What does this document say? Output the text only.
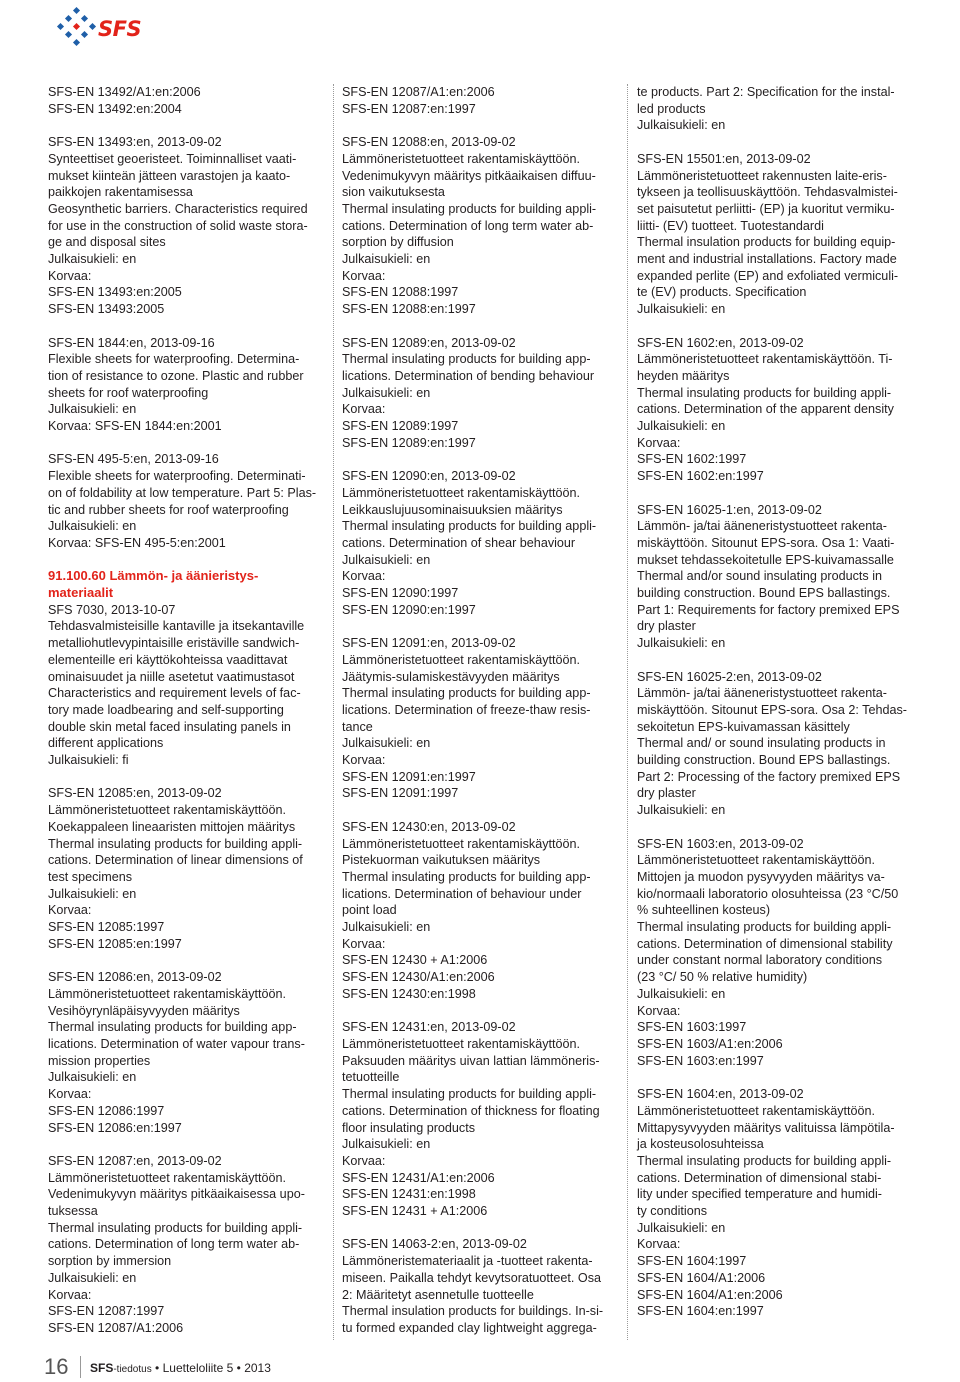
SFS
SFS-EN 13492/A1:en:2006
SFS-EN 13492:en:2004
SFS-EN 13493:en, 2013-09-02
Synteettiset geoeristeet. Toiminnalliset vaati-
mukset kiinteän jätteen varastojen ja kaato-
paikkojen rakentamisessa
Geosynthetic barriers. Characteristics required
for use in the construction of solid waste stora-
ge and disposal sites
Julkaisukieli: en
Korvaa:
SFS-EN 13493:en:2005
SFS-EN 13493:2005
SFS-EN 1844:en, 2013-09-16
Flexible sheets for waterproofing. Determina-
tion of resistance to ozone. Plastic and rubber
sheets for roof waterproofing
Julkaisukieli: en
Korvaa: SFS-EN 1844:en:2001
SFS-EN 495-5:en, 2013-09-16
Flexible sheets for waterproofing. Determinati-
on of foldability at low temperature. Part 5: Plas-
tic and rubber sheets for roof waterproofing
Julkaisukieli: en
Korvaa: SFS-EN 495-5:en:2001
91.100.60 Lämmön- ja äänieristys-
materiaalit
SFS 7030, 2013-10-07
Tehdasvalmisteisille kantaville ja itsekantaville
metalliohutlevypintaisille eristäville sandwich-
elementeille eri käyttökohteissa vaadittavat
ominaisuudet ja niille asetetut vaatimustasot
Characteristics and requirement levels of fac-
tory made loadbearing and self-supporting
double skin metal faced insulating panels in
different applications
Julkaisukieli: fi
SFS-EN 12085:en, 2013-09-02
Lämmöneristetuotteet rakentamiskäyttöön.
Koekappaleen lineaaristen mittojen määritys
Thermal insulating products for building appli-
cations. Determination of linear dimensions of
test specimens
Julkaisukieli: en
Korvaa:
SFS-EN 12085:1997
SFS-EN 12085:en:1997
SFS-EN 12086:en, 2013-09-02
Lämmöneristetuotteet rakentamiskäyttöön.
Vesihöyrynläpäisyvyyden määritys
Thermal insulating products for building app-
lications. Determination of water vapour trans-
mission properties
Julkaisukieli: en
Korvaa:
SFS-EN 12086:1997
SFS-EN 12086:en:1997
SFS-EN 12087:en, 2013-09-02
Lämmöneristetuotteet rakentamiskäyttöön.
Vedenimukyvyn määritys pitkäaikaisessa upo-
tuksessa
Thermal insulating products for building appli-
cations. Determination of long term water ab-
sorption by immersion
Julkaisukieli: en
Korvaa:
SFS-EN 12087:1997
SFS-EN 12087/A1:2006
SFS-EN 12087/A1:en:2006
SFS-EN 12087:en:1997
SFS-EN 12088:en, 2013-09-02
Lämmöneristetuotteet rakentamiskäyttöön.
Vedenimukyvyn määritys pitkäaikaisen diffuu-
sion vaikutuksesta
Thermal insulating products for building appli-
cations. Determination of long term water ab-
sorption by diffusion
Julkaisukieli: en
Korvaa:
SFS-EN 12088:1997
SFS-EN 12088:en:1997
SFS-EN 12089:en, 2013-09-02
Thermal insulating products for building app-
lications. Determination of bending behaviour
Julkaisukieli: en
Korvaa:
SFS-EN 12089:1997
SFS-EN 12089:en:1997
SFS-EN 12090:en, 2013-09-02
Lämmöneristetuotteet rakentamiskäyttöön.
Leikkauslujuusominaisuuksien määritys
Thermal insulating products for building appli-
cations. Determination of shear behaviour
Julkaisukieli: en
Korvaa:
SFS-EN 12090:1997
SFS-EN 12090:en:1997
SFS-EN 12091:en, 2013-09-02
Lämmöneristetuotteet rakentamiskäyttöön.
Jäätymis-sulamiskestävyyden määritys
Thermal insulating products for building app-
lications. Determination of freeze-thaw resis-
tance
Julkaisukieli: en
Korvaa:
SFS-EN 12091:en:1997
SFS-EN 12091:1997
SFS-EN 12430:en, 2013-09-02
Lämmöneristetuotteet rakentamiskäyttöön.
Pistekuorman vaikutuksen määritys
Thermal insulating products for building app-
lications. Determination of behaviour under
point load
Julkaisukieli: en
Korvaa:
SFS-EN 12430 + A1:2006
SFS-EN 12430/A1:en:2006
SFS-EN 12430:en:1998
SFS-EN 12431:en, 2013-09-02
Lämmöneristetuotteet rakentamiskäyttöön.
Paksuuden määritys uivan lattian lämmöneris-
tetuotteille
Thermal insulating products for building appli-
cations. Determination of thickness for floating
floor insulating products
Julkaisukieli: en
Korvaa:
SFS-EN 12431/A1:en:2006
SFS-EN 12431:en:1998
SFS-EN 12431 + A1:2006
SFS-EN 14063-2:en, 2013-09-02
Lämmöneristemateriaalit ja -tuotteet rakenta-
miseen. Paikalla tehdyt kevytsoratuotteet. Osa
2: Määritetyt asennetulle tuotteelle
Thermal insulation products for buildings. In-si-
tu formed expanded clay lightweight aggrega-
te products. Part 2: Specification for the instal-
led products
Julkaisukieli: en
SFS-EN 15501:en, 2013-09-02
Lämmöneristetuotteet rakennusten laite-eris-
tykseen ja teollisuuskäyttöön. Tehdasvalmistei-
set paisutetut perliitti- (EP) ja kuoritut vermiku-
liitti- (EV) tuotteet. Tuotestandardi
Thermal insulation products for building equip-
ment and industrial installations. Factory made
expanded perlite (EP) and exfoliated vermiculi-
te (EV) products. Specification
Julkaisukieli: en
SFS-EN 1602:en, 2013-09-02
Lämmöneristetuotteet rakentamiskäyttöön. Ti-
heyden määritys
Thermal insulating products for building appli-
cations. Determination of the apparent density
Julkaisukieli: en
Korvaa:
SFS-EN 1602:1997
SFS-EN 1602:en:1997
SFS-EN 16025-1:en, 2013-09-02
Lämmön- ja/tai ääneneristystuotteet rakenta-
miskäyttöön. Sitounut EPS-sora. Osa 1: Vaati-
mukset tehdassekoitetulle EPS-kuivamassalle
Thermal and/or sound insulating products in
building construction. Bound EPS ballastings.
Part 1: Requirements for factory premixed EPS
dry plaster
Julkaisukieli: en
SFS-EN 16025-2:en, 2013-09-02
Lämmön- ja/tai ääneneristystuotteet rakenta-
miskäyttöön. Sitounut EPS-sora. Osa 2: Tehdas-
sekoitetun EPS-kuivamassan käsittely
Thermal and/ or sound insulating products in
building construction. Bound EPS ballastings.
Part 2: Processing of the factory premixed EPS
dry plaster
Julkaisukieli: en
SFS-EN 1603:en, 2013-09-02
Lämmöneristetuotteet rakentamiskäyttöön.
Mittojen ja muodon pysyvyyden määritys va-
kio/normaali laboratorio olosuhteissa (23 °C/50
% suhteellinen kosteus)
Thermal insulating products for building appli-
cations. Determination of dimensional stability
under constant normal laboratory conditions
(23 °C/ 50 % relative humidity)
Julkaisukieli: en
Korvaa:
SFS-EN 1603:1997
SFS-EN 1603/A1:en:2006
SFS-EN 1603:en:1997
SFS-EN 1604:en, 2013-09-02
Lämmöneristetuotteet rakentamiskäyttöön.
Mittapysyvyyden määritys valituissa lämpötila-
ja kosteusolosuhteissa
Thermal insulating products for building appli-
cations. Determination of dimensional stabi-
lity under specified temperature and humidi-
ty conditions
Julkaisukieli: en
Korvaa:
SFS-EN 1604:1997
SFS-EN 1604/A1:2006
SFS-EN 1604/A1:en:2006
SFS-EN 1604:en:1997
16 SFS-tiedotus • Luetteloliite 5 • 2013
